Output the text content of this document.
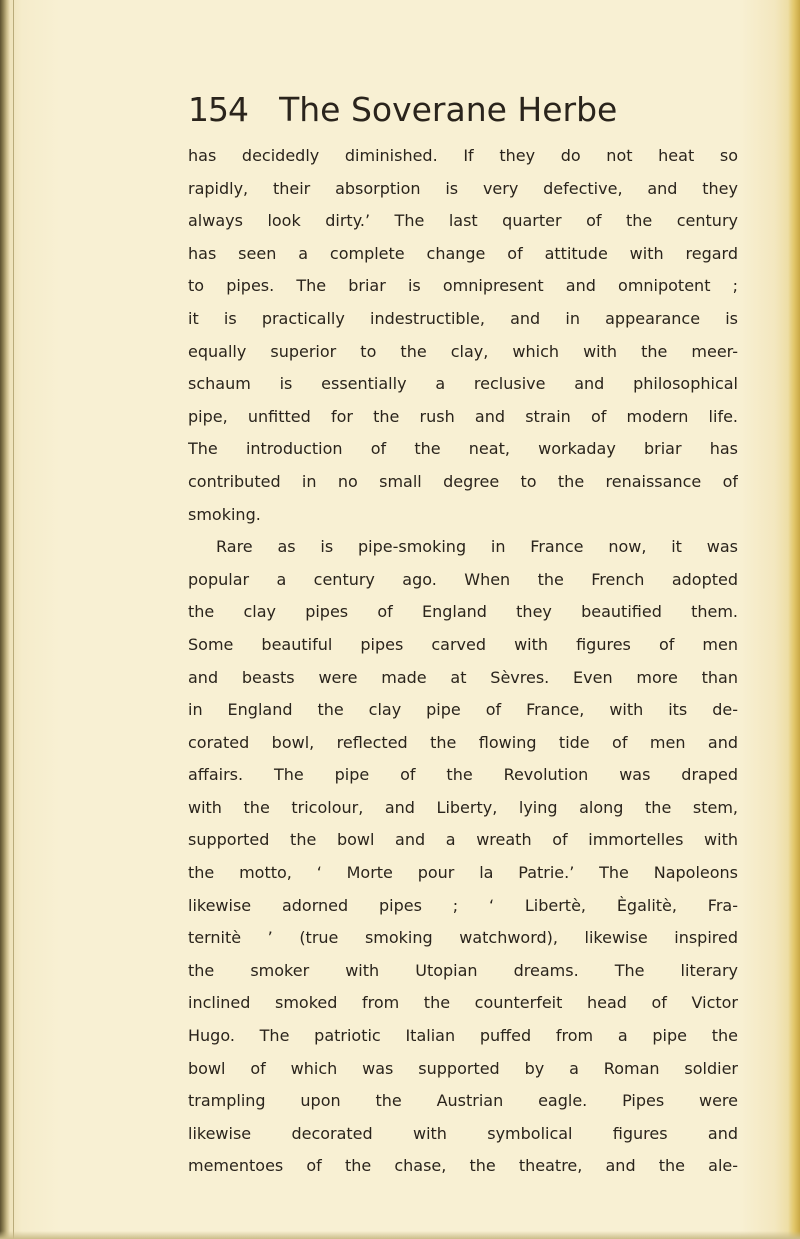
154 The Soverane Herbe
has decidedly diminished. If they do not heat so
rapidly, their absorption is very defective, and they
always look dirty.’ The last quarter of the century
has seen a complete change of attitude with regard
to pipes. The briar is omnipresent and omnipotent ;
it is practically indestructible, and in appearance is
equally superior to the clay, which with the meer-
schaum is essentially a reclusive and philosophical
pipe, unfitted for the rush and strain of modern life.
The introduction of the neat, workaday briar has
contributed in no small degree to the renaissance of
smoking.
Rare as is pipe-smoking in France now, it was
popular a century ago. When the French adopted
the clay pipes of England they beautified them.
Some beautiful pipes carved with figures of men
and beasts were made at Sèvres. Even more than
in England the clay pipe of France, with its de-
corated bowl, reflected the flowing tide of men and
affairs. The pipe of the Revolution was draped
with the tricolour, and Liberty, lying along the stem,
supported the bowl and a wreath of immortelles with
the motto, ‘ Morte pour la Patrie.’ The Napoleons
likewise adorned pipes ; ‘ Libertè, Ègalitè, Fra-
ternitè ’ (true smoking watchword), likewise inspired
the smoker with Utopian dreams. The literary
inclined smoked from the counterfeit head of Victor
Hugo. The patriotic Italian puffed from a pipe the
bowl of which was supported by a Roman soldier
trampling upon the Austrian eagle. Pipes were
likewise decorated with symbolical figures and
mementoes of the chase, the theatre, and the ale-
